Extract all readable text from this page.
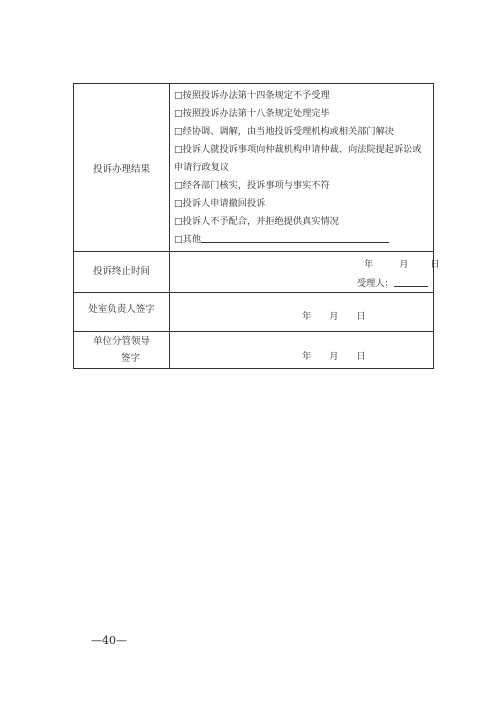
投诉办理结果
□按照投诉办法第十四条规定不予受理
□按照投诉办法第十八条规定处理完毕
□经协调、调解，由当地投诉受理机构或相关部门解决
□投诉人就投诉事项向仲裁机构申请仲裁、向法院提起诉讼或申请行政复议
□经各部门核实，投诉事项与事实不符
□投诉人申请撤回投诉
□投诉人不予配合，并拒绝提供真实情况
□其他
投诉终止时间
年	月 日
受理人：
处室负责人签字
年 月 日
单位分管领导
签字	年 月 日
—40—
